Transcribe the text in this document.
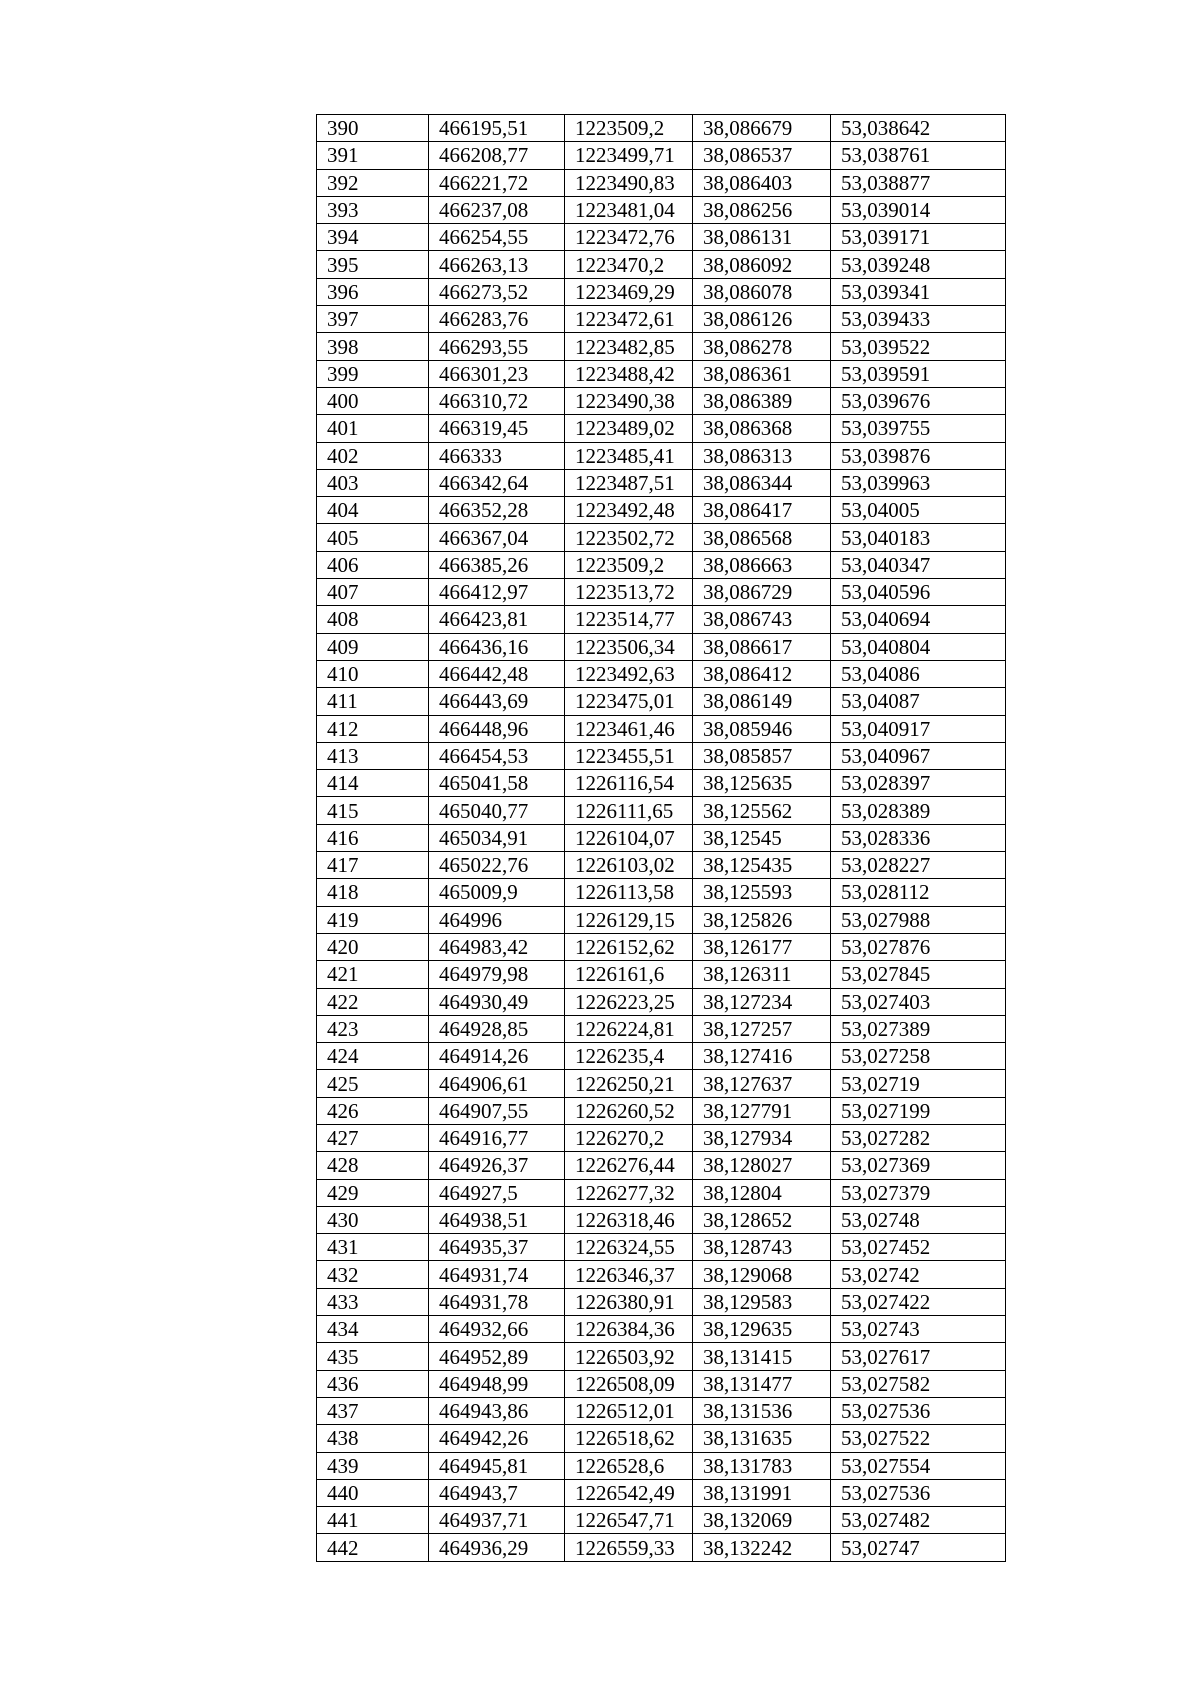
390	466195,51	1223509,2	38,086679	53,038642
391	466208,77	1223499,71	38,086537	53,038761
392	466221,72	1223490,83	38,086403	53,038877
393	466237,08	1223481,04	38,086256	53,039014
394	466254,55	1223472,76	38,086131	53,039171
395	466263,13	1223470,2	38,086092	53,039248
396	466273,52	1223469,29	38,086078	53,039341
397	466283,76	1223472,61	38,086126	53,039433
398	466293,55	1223482,85	38,086278	53,039522
399	466301,23	1223488,42	38,086361	53,039591
400	466310,72	1223490,38	38,086389	53,039676
401	466319,45	1223489,02	38,086368	53,039755
402	466333	1223485,41	38,086313	53,039876
403	466342,64	1223487,51	38,086344	53,039963
404	466352,28	1223492,48	38,086417	53,04005
405	466367,04	1223502,72	38,086568	53,040183
406	466385,26	1223509,2	38,086663	53,040347
407	466412,97	1223513,72	38,086729	53,040596
408	466423,81	1223514,77	38,086743	53,040694
409	466436,16	1223506,34	38,086617	53,040804
410	466442,48	1223492,63	38,086412	53,04086
411	466443,69	1223475,01	38,086149	53,04087
412	466448,96	1223461,46	38,085946	53,040917
413	466454,53	1223455,51	38,085857	53,040967
414	465041,58	1226116,54	38,125635	53,028397
415	465040,77	1226111,65	38,125562	53,028389
416	465034,91	1226104,07	38,12545	53,028336
417	465022,76	1226103,02	38,125435	53,028227
418	465009,9	1226113,58	38,125593	53,028112
419	464996	1226129,15	38,125826	53,027988
420	464983,42	1226152,62	38,126177	53,027876
421	464979,98	1226161,6	38,126311	53,027845
422	464930,49	1226223,25	38,127234	53,027403
423	464928,85	1226224,81	38,127257	53,027389
424	464914,26	1226235,4	38,127416	53,027258
425	464906,61	1226250,21	38,127637	53,02719
426	464907,55	1226260,52	38,127791	53,027199
427	464916,77	1226270,2	38,127934	53,027282
428	464926,37	1226276,44	38,128027	53,027369
429	464927,5	1226277,32	38,12804	53,027379
430	464938,51	1226318,46	38,128652	53,02748
431	464935,37	1226324,55	38,128743	53,027452
432	464931,74	1226346,37	38,129068	53,02742
433	464931,78	1226380,91	38,129583	53,027422
434	464932,66	1226384,36	38,129635	53,02743
435	464952,89	1226503,92	38,131415	53,027617
436	464948,99	1226508,09	38,131477	53,027582
437	464943,86	1226512,01	38,131536	53,027536
438	464942,26	1226518,62	38,131635	53,027522
439	464945,81	1226528,6	38,131783	53,027554
440	464943,7	1226542,49	38,131991	53,027536
441	464937,71	1226547,71	38,132069	53,027482
442	464936,29	1226559,33	38,132242	53,02747
